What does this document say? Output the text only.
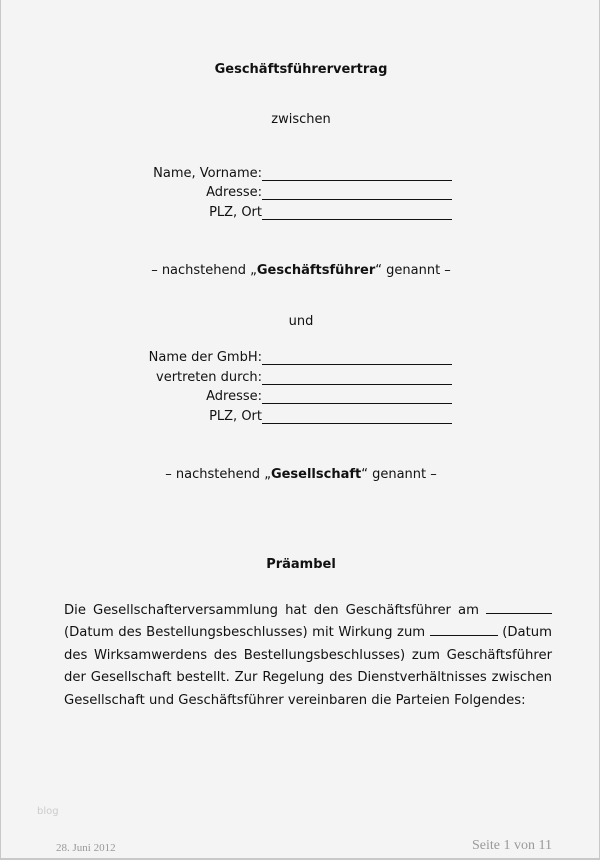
Geschäftsführervertrag
zwischen
Name, Vorname:
Adresse:
PLZ, Ort
– nachstehend „Geschäftsführer“ genannt –
und
Name der GmbH:
vertreten durch:
Adresse:
PLZ, Ort
– nachstehend „Gesellschaft“ genannt –
Präambel
Die Gesellschafterversammlung hat den Geschäftsführer am  (Datum des Bestellungsbeschlusses) mit Wirkung zum	(Datum des Wirksamwerdens des Bestellungsbeschlusses) zum Geschäftsführer der Gesellschaft bestellt. Zur Regelung des Dienstverhältnisses zwischen Gesellschaft und Geschäftsführer vereinbaren die Parteien Folgendes:
blog
28. Juni 2012	Seite 1 von 11
